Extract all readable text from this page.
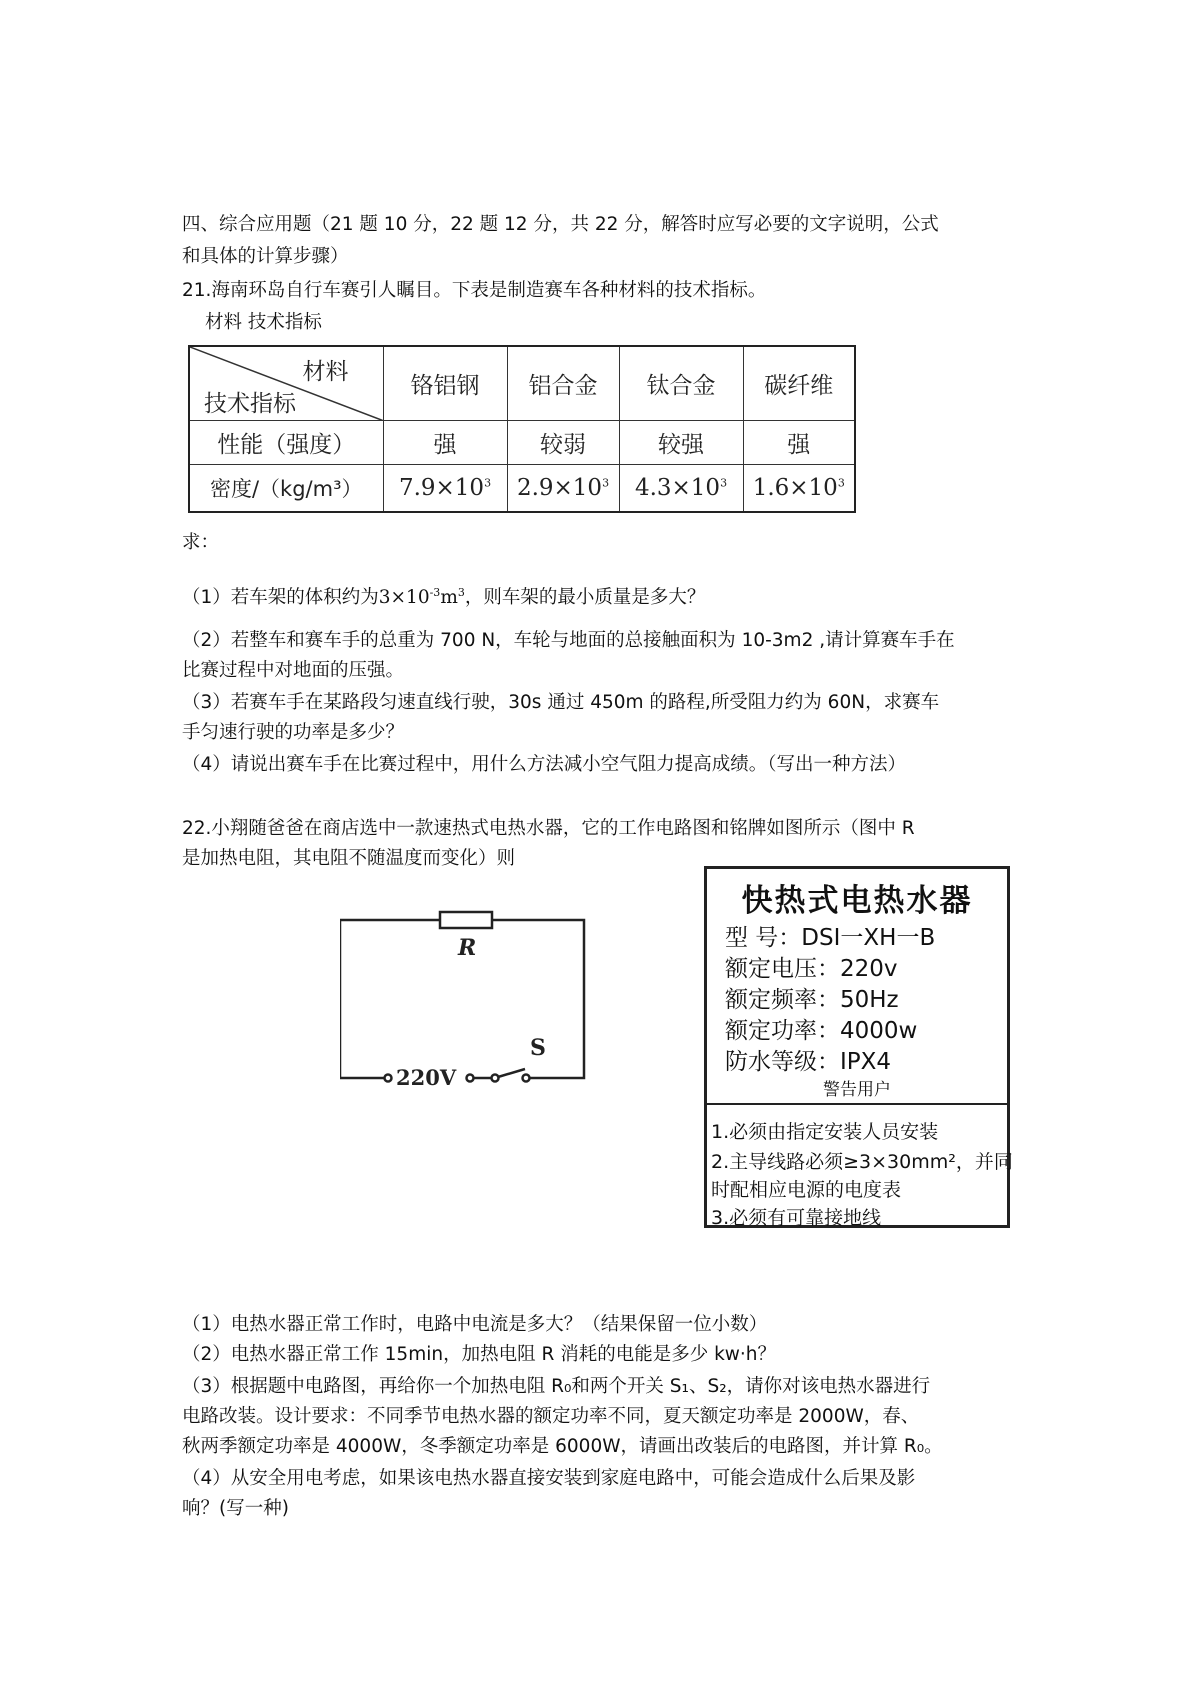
四、综合应用题（21 题 10 分，22 题 12 分，共 22 分，解答时应写必要的文字说明，公式
和具体的计算步骤）
21.海南环岛自行车赛引人瞩目。下表是制造赛车各种材料的技术指标。
材料 技术指标
材料
技术指标	铬铝钢	铝合金	钛合金	碳纤维
性能（强度）	强	较弱	较强	强
密度/（kg/m³）	$7.9\times 10^3$	$2.9\times 10^3$	$4.3\times 10^3$	$1.6\times 10^3$
求：
（1）若车架的体积约为$3\times 10^{-3}m^3$，则车架的最小质量是多大？
（2）若整车和赛车手的总重为 700 N，车轮与地面的总接触面积为 10-3m2 ,请计算赛车手在
比赛过程中对地面的压强。
（3）若赛车手在某路段匀速直线行驶，30s 通过 450m 的路程,所受阻力约为 60N，求赛车
手匀速行驶的功率是多少？
（4）请说出赛车手在比赛过程中，用什么方法减小空气阻力提高成绩。（写出一种方法）
22.小翔随爸爸在商店选中一款速热式电热水器，它的工作电路图和铭牌如图所示（图中 R
是加热电阻，其电阻不随温度而变化）则
R
220V
S
快热式电热水器
型 号：DSI一XH一B
额定电压：220v
额定频率：50Hz
额定功率：4000w
防水等级：IPX4
警告用户
1.必须由指定安装人员安装
2.主导线路必须≥3×30mm²，并同
时配相应电源的电度表
3.必须有可靠接地线
（1）电热水器正常工作时，电路中电流是多大？（结果保留一位小数）
（2）电热水器正常工作 15min，加热电阻 R 消耗的电能是多少 kw·h？
（3）根据题中电路图，再给你一个加热电阻 R₀和两个开关 S₁、S₂，请你对该电热水器进行
电路改装。设计要求：不同季节电热水器的额定功率不同，夏天额定功率是 2000W，春、
秋两季额定功率是 4000W，冬季额定功率是 6000W，请画出改装后的电路图，并计算 R₀。
（4）从安全用电考虑，如果该电热水器直接安装到家庭电路中，可能会造成什么后果及影
响？(写一种)
